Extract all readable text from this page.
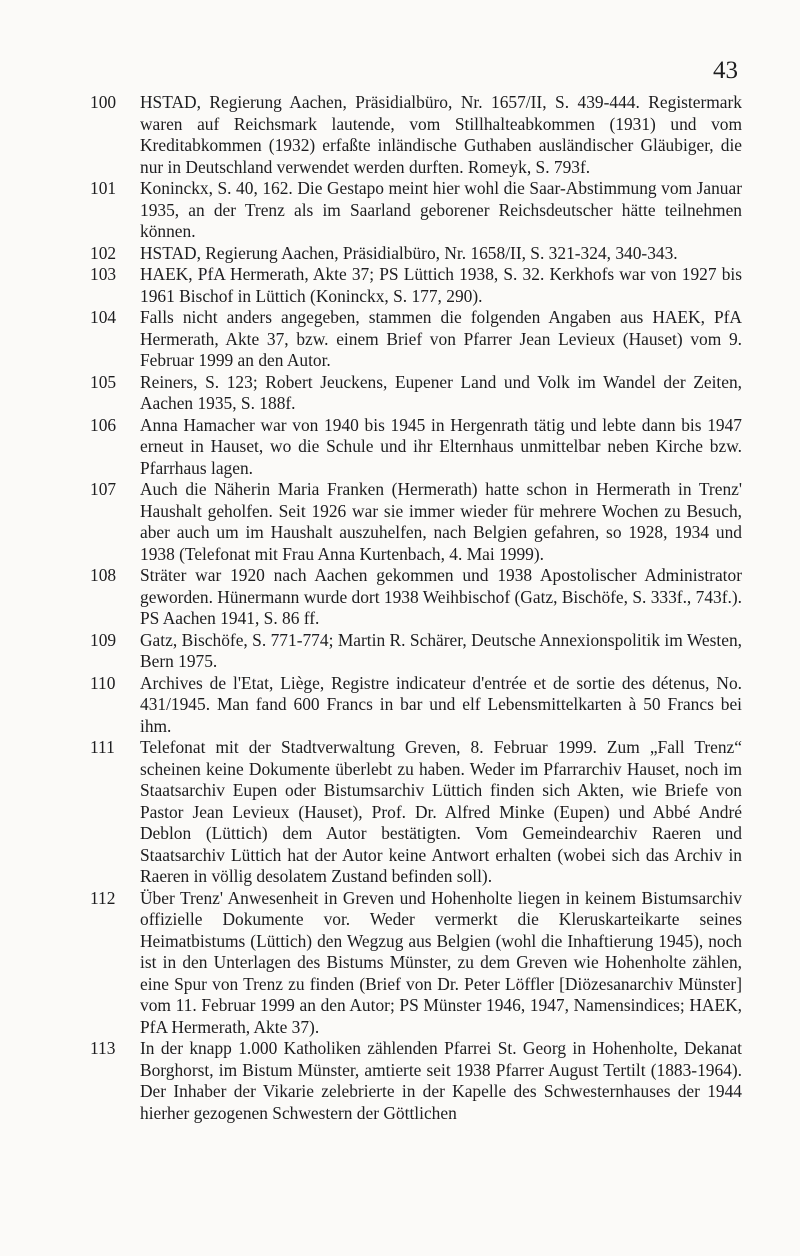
43
100	HSTAD, Regierung Aachen, Präsidialbüro, Nr. 1657/II, S. 439-444. Registermark waren auf Reichsmark lautende, vom Stillhalteabkommen (1931) und vom Kreditabkommen (1932) erfaßte inländische Guthaben ausländischer Gläubiger, die nur in Deutschland verwendet werden durften. Romeyk, S. 793f.
101	Koninckx, S. 40, 162. Die Gestapo meint hier wohl die Saar-Abstimmung vom Januar 1935, an der Trenz als im Saarland geborener Reichsdeutscher hätte teilnehmen können.
102	HSTAD, Regierung Aachen, Präsidialbüro, Nr. 1658/II, S. 321-324, 340-343.
103	HAEK, PfA Hermerath, Akte 37; PS Lüttich 1938, S. 32. Kerkhofs war von 1927 bis 1961 Bischof in Lüttich (Koninckx, S. 177, 290).
104	Falls nicht anders angegeben, stammen die folgenden Angaben aus HAEK, PfA Hermerath, Akte 37, bzw. einem Brief von Pfarrer Jean Levieux (Hauset) vom 9. Februar 1999 an den Autor.
105	Reiners, S. 123; Robert Jeuckens, Eupener Land und Volk im Wandel der Zeiten, Aachen 1935, S. 188f.
106	Anna Hamacher war von 1940 bis 1945 in Hergenrath tätig und lebte dann bis 1947 erneut in Hauset, wo die Schule und ihr Elternhaus unmittelbar neben Kirche bzw. Pfarrhaus lagen.
107	Auch die Näherin Maria Franken (Hermerath) hatte schon in Hermerath in Trenz' Haushalt geholfen. Seit 1926 war sie immer wieder für mehrere Wochen zu Besuch, aber auch um im Haushalt auszuhelfen, nach Belgien gefahren, so 1928, 1934 und 1938 (Telefonat mit Frau Anna Kurtenbach, 4. Mai 1999).
108	Sträter war 1920 nach Aachen gekommen und 1938 Apostolischer Administrator geworden. Hünermann wurde dort 1938 Weihbischof (Gatz, Bischöfe, S. 333f., 743f.). PS Aachen 1941, S. 86 ff.
109	Gatz, Bischöfe, S. 771-774; Martin R. Schärer, Deutsche Annexionspolitik im Westen, Bern 1975.
110	Archives de l'Etat, Liège, Registre indicateur d'entrée et de sortie des détenus, No. 431/1945. Man fand 600 Francs in bar und elf Lebensmittelkarten à 50 Francs bei ihm.
111	Telefonat mit der Stadtverwaltung Greven, 8. Februar 1999. Zum „Fall Trenz“ scheinen keine Dokumente überlebt zu haben. Weder im Pfarrarchiv Hauset, noch im Staatsarchiv Eupen oder Bistumsarchiv Lüttich finden sich Akten, wie Briefe von Pastor Jean Levieux (Hauset), Prof. Dr. Alfred Minke (Eupen) und Abbé André Deblon (Lüttich) dem Autor bestätigten. Vom Gemeindearchiv Raeren und Staatsarchiv Lüttich hat der Autor keine Antwort erhalten (wobei sich das Archiv in Raeren in völlig desolatem Zustand befinden soll).
112	Über Trenz' Anwesenheit in Greven und Hohenholte liegen in keinem Bistumsarchiv offizielle Dokumente vor. Weder vermerkt die Kleruskarteikarte seines Heimatbistums (Lüttich) den Wegzug aus Belgien (wohl die Inhaftierung 1945), noch ist in den Unterlagen des Bistums Münster, zu dem Greven wie Hohenholte zählen, eine Spur von Trenz zu finden (Brief von Dr. Peter Löffler [Diözesanarchiv Münster] vom 11. Februar 1999 an den Autor; PS Münster 1946, 1947, Namensindices; HAEK, PfA Hermerath, Akte 37).
113	In der knapp 1.000 Katholiken zählenden Pfarrei St. Georg in Hohenholte, Dekanat Borghorst, im Bistum Münster, amtierte seit 1938 Pfarrer August Tertilt (1883-1964). Der Inhaber der Vikarie zelebrierte in der Kapelle des Schwesternhauses der 1944 hierher gezogenen Schwestern der Göttlichen
